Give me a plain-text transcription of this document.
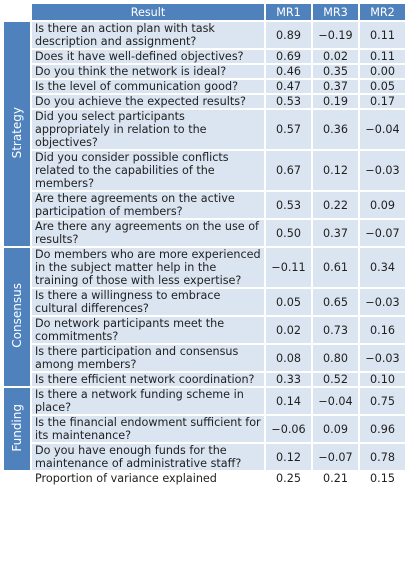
	Result	MR1	MR3	MR2
Strategy	Is there an action plan with task description and assignment?	0.89	−0.19	0.11
	Does it have well-defined objectives?	0.69	0.02	0.11
	Do you think the network is ideal?	0.46	0.35	0.00
	Is the level of communication good?	0.47	0.37	0.05
	Do you achieve the expected results?	0.53	0.19	0.17
	Did you select participants appropriately in relation to the objectives?	0.57	0.36	−0.04
	Did you consider possible conflicts related to the capabilities of the members?	0.67	0.12	−0.03
	Are there agreements on the active participation of members?	0.53	0.22	0.09
	Are there any agreements on the use of results?	0.50	0.37	−0.07
Consensus	Do members who are more experienced in the subject matter help in the training of those with less expertise?	−0.11	0.61	0.34
	Is there a willingness to embrace cultural differences?	0.05	0.65	−0.03
	Do network participants meet the commitments?	0.02	0.73	0.16
	Is there participation and consensus among members?	0.08	0.80	−0.03
	Is there efficient network coordination?	0.33	0.52	0.10
Funding	Is there a network funding scheme in place?	0.14	−0.04	0.75
	Is the financial endowment sufficient for its maintenance?	−0.06	0.09	0.96
	Do you have enough funds for the maintenance of administrative staff?	0.12	−0.07	0.78
	Proportion of variance explained	0.25	0.21	0.15
